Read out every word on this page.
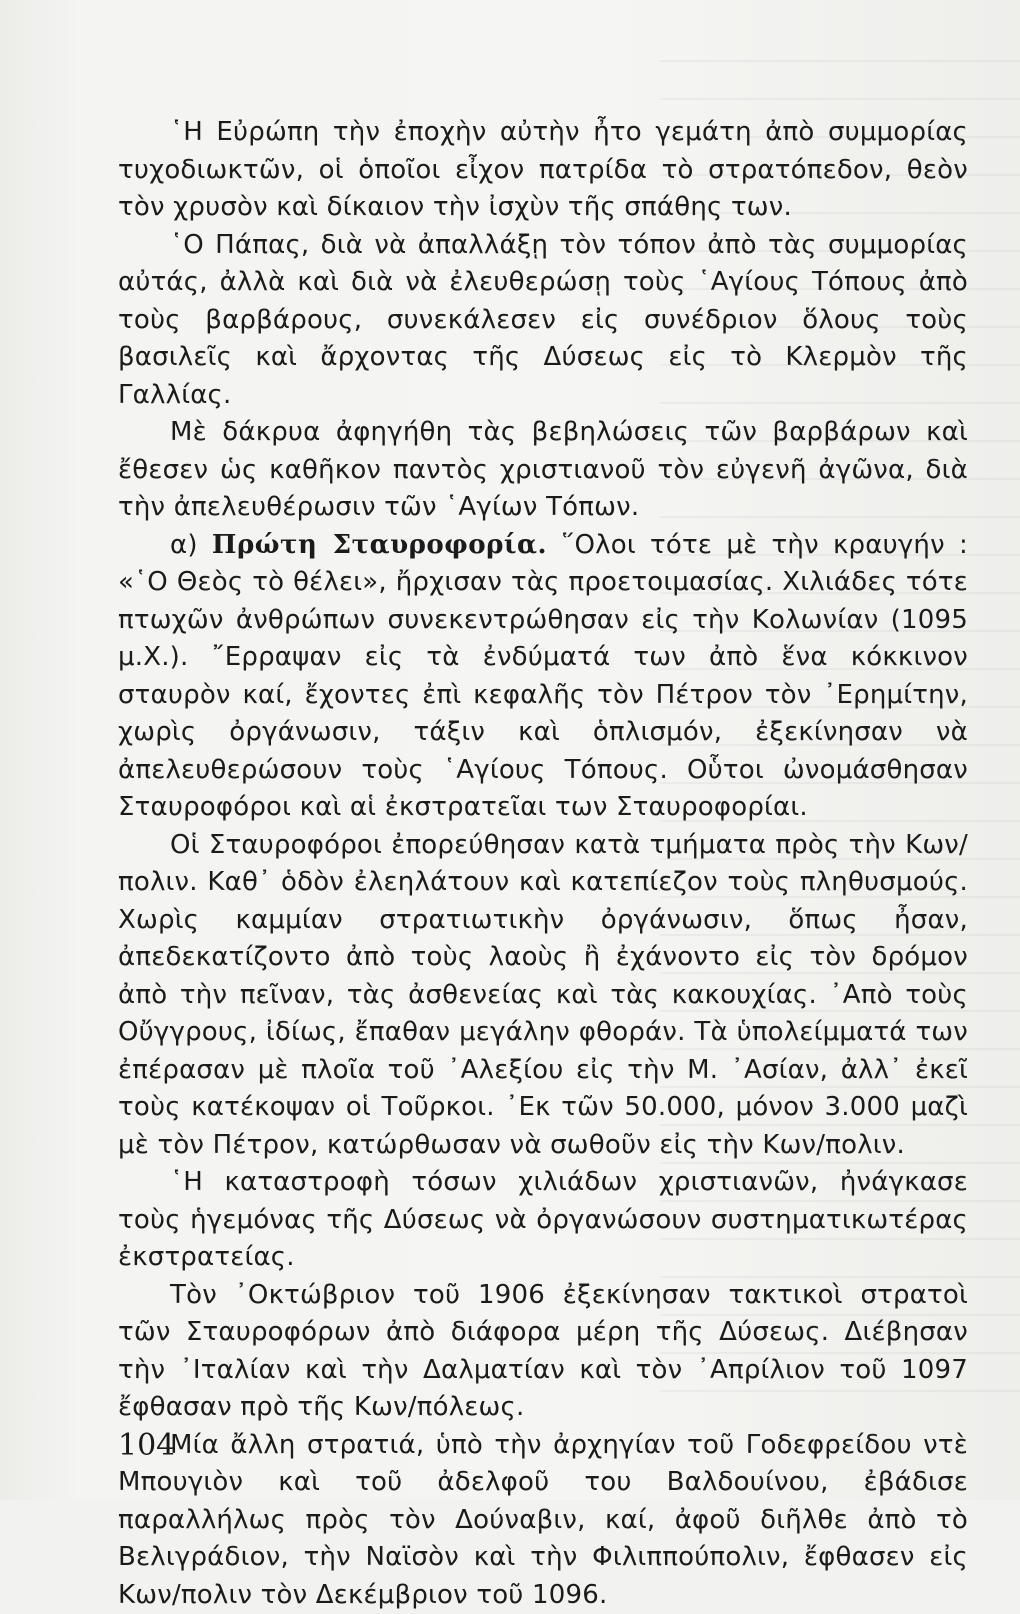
῾Η Εὐρώπη τὴν ἐποχὴν αὐτὴν ἦτο γεμάτη ἀπὸ συμμορίας τυχοδιωκτῶν, οἱ ὁποῖοι εἶχον πατρίδα τὸ στρατόπεδον, θεὸν τὸν χρυσὸν καὶ δίκαιον τὴν ἰσχὺν τῆς σπάθης των.

῾Ο Πάπας, διὰ νὰ ἀπαλλάξῃ τὸν τόπον ἀπὸ τὰς συμμορίας αὐτάς, ἀλλὰ καὶ διὰ νὰ ἐλευθερώσῃ τοὺς ῾Αγίους Τόπους ἀπὸ τοὺς βαρβάρους, συνεκάλεσεν εἰς συνέδριον ὅλους τοὺς βασιλεῖς καὶ ἄρχοντας τῆς Δύσεως εἰς τὸ Κλερμὸν τῆς Γαλλίας.

Μὲ δάκρυα ἀφηγήθη τὰς βεβηλώσεις τῶν βαρβάρων καὶ ἔθεσεν ὡς καθῆκον παντὸς χριστιανοῦ τὸν εὐγενῆ ἀγῶνα, διὰ τὴν ἀπελευθέρωσιν τῶν ῾Αγίων Τόπων.

α) Πρώτη Σταυροφορία. ῞Ολοι τότε μὲ τὴν κραυγήν : «῾Ο Θεὸς τὸ θέλει», ἤρχισαν τὰς προετοιμασίας. Χιλιάδες τότε πτωχῶν ἀνθρώπων συνεκεντρώθησαν εἰς τὴν Κολωνίαν (1095 μ.Χ.). ῎Ερραψαν εἰς τὰ ἐνδύματά των ἀπὸ ἕνα κόκκινον σταυρὸν καί, ἔχοντες ἐπὶ κεφαλῆς τὸν Πέτρον τὸν ᾿Ερημίτην, χωρὶς ὀργάνωσιν, τάξιν καὶ ὁπλισμόν, ἐξεκίνησαν νὰ ἀπελευθερώσουν τοὺς ῾Αγίους Τόπους. Οὗτοι ὠνομάσθησαν Σταυροφόροι καὶ αἱ ἐκστρατεῖαι των Σταυροφορίαι.

Οἱ Σταυροφόροι ἐπορεύθησαν κατὰ τμήματα πρὸς τὴν Κων/πολιν. Καθ᾿ ὁδὸν ἐλεηλάτουν καὶ κατεπίεζον τοὺς πληθυσμούς. Χωρὶς καμμίαν στρατιωτικὴν ὀργάνωσιν, ὅπως ἦσαν, ἀπεδεκατίζοντο ἀπὸ τοὺς λαοὺς ἢ ἐχάνοντο εἰς τὸν δρόμον ἀπὸ τὴν πεῖναν, τὰς ἀσθενείας καὶ τὰς κακουχίας. ᾿Απὸ τοὺς Οὔγγρους, ἰδίως, ἔπαθαν μεγάλην φθοράν. Τὰ ὑπολείμματά των ἐπέρασαν μὲ πλοῖα τοῦ ᾿Αλεξίου εἰς τὴν Μ. ᾿Ασίαν, ἀλλ᾿ ἐκεῖ τοὺς κατέκοψαν οἱ Τοῦρκοι. ᾿Εκ τῶν 50.000, μόνον 3.000 μαζὶ μὲ τὸν Πέτρον, κατώρθωσαν νὰ σωθοῦν εἰς τὴν Κων/πολιν.

῾Η καταστροφὴ τόσων χιλιάδων χριστιανῶν, ἠνάγκασε τοὺς ἡγεμόνας τῆς Δύσεως νὰ ὀργανώσουν συστηματικωτέρας ἐκστρατείας.

Τὸν ᾿Οκτώβριον τοῦ 1906 ἐξεκίνησαν τακτικοὶ στρατοὶ τῶν Σταυροφόρων ἀπὸ διάφορα μέρη τῆς Δύσεως. Διέβησαν τὴν ᾿Ιταλίαν καὶ τὴν Δαλματίαν καὶ τὸν ᾿Απρίλιον τοῦ 1097 ἔφθασαν πρὸ τῆς Κων/πόλεως.

Μία ἄλλη στρατιά, ὑπὸ τὴν ἀρχηγίαν τοῦ Γοδεφρείδου ντὲ Μπουγιὸν καὶ τοῦ ἀδελφοῦ του Βαλδουίνου, ἐβάδισε παραλλήλως πρὸς τὸν Δούναβιν, καί, ἀφοῦ διῆλθε ἀπὸ τὸ Βελιγράδιον, τὴν Ναϊσὸν καὶ τὴν Φιλιππούπολιν, ἔφθασεν εἰς Κων/πολιν τὸν Δεκέμβριον τοῦ 1096.

104
